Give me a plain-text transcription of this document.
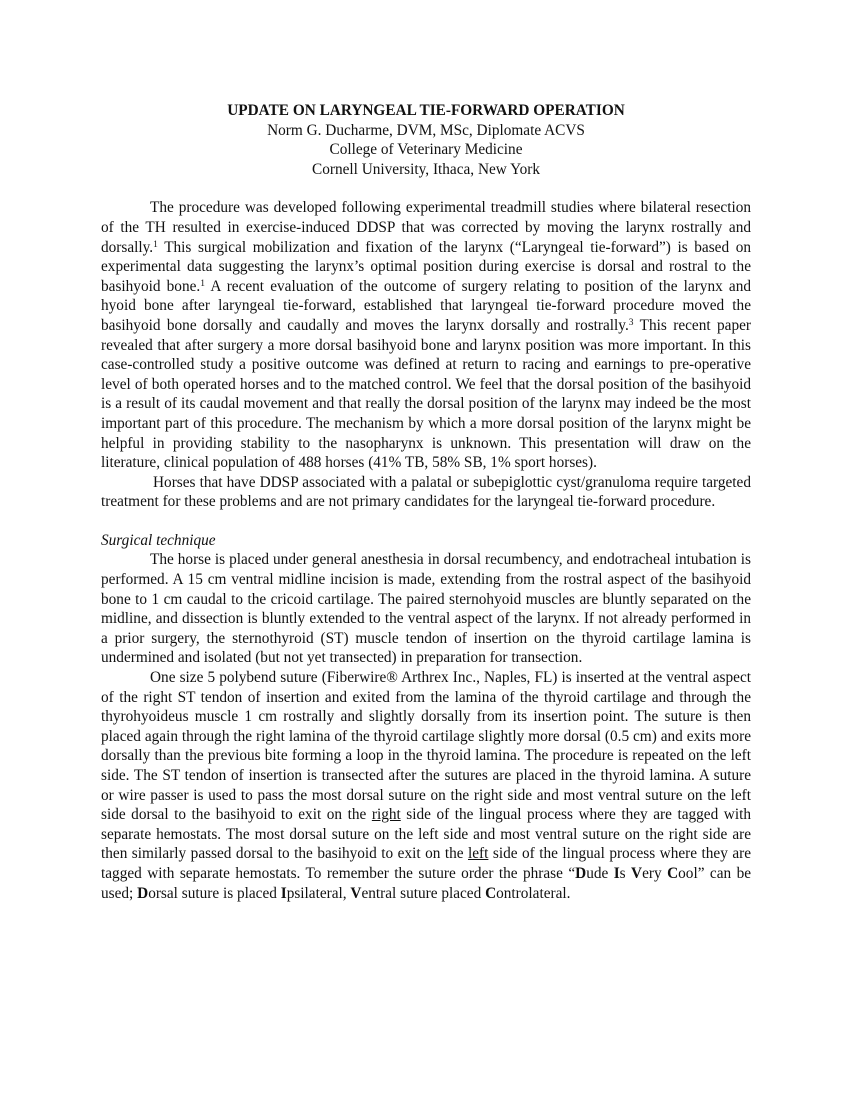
UPDATE ON LARYNGEAL TIE-FORWARD OPERATION
Norm G. Ducharme, DVM, MSc, Diplomate ACVS
College of Veterinary Medicine
Cornell University, Ithaca, New York

The procedure was developed following experimental treadmill studies where bilateral resection of the TH resulted in exercise-induced DDSP that was corrected by moving the larynx rostrally and dorsally.$^1$ This surgical mobilization and fixation of the larynx (“Laryngeal tie-forward”) is based on experimental data suggesting the larynx’s optimal position during exercise is dorsal and rostral to the basihyoid bone.$^1$ A recent evaluation of the outcome of surgery relating to position of the larynx and hyoid bone after laryngeal tie-forward, established that laryngeal tie-forward procedure moved the basihyoid bone dorsally and caudally and moves the larynx dorsally and rostrally.$^3$ This recent paper revealed that after surgery a more dorsal basihyoid bone and larynx position was more important. In this case-controlled study a positive outcome was defined at return to racing and earnings to pre-operative level of both operated horses and to the matched control. We feel that the dorsal position of the basihyoid is a result of its caudal movement and that really the dorsal position of the larynx may indeed be the most important part of this procedure. The mechanism by which a more dorsal position of the larynx might be helpful in providing stability to the nasopharynx is unknown. This presentation will draw on the literature, clinical population of 488 horses (41% TB, 58% SB, 1% sport horses).

Horses that have DDSP associated with a palatal or subepiglottic cyst/granuloma require targeted treatment for these problems and are not primary candidates for the laryngeal tie-forward procedure.

Surgical technique

The horse is placed under general anesthesia in dorsal recumbency, and endotracheal intubation is performed. A 15 cm ventral midline incision is made, extending from the rostral aspect of the basihyoid bone to 1 cm caudal to the cricoid cartilage. The paired sternohyoid muscles are bluntly separated on the midline, and dissection is bluntly extended to the ventral aspect of the larynx. If not already performed in a prior surgery, the sternothyroid (ST) muscle tendon of insertion on the thyroid cartilage lamina is undermined and isolated (but not yet transected) in preparation for transection.

One size 5 polybend suture (Fiberwire® Arthrex Inc., Naples, FL) is inserted at the ventral aspect of the right ST tendon of insertion and exited from the lamina of the thyroid cartilage and through the thyrohyoideus muscle 1 cm rostrally and slightly dorsally from its insertion point. The suture is then placed again through the right lamina of the thyroid cartilage slightly more dorsal (0.5 cm) and exits more dorsally than the previous bite forming a loop in the thyroid lamina. The procedure is repeated on the left side. The ST tendon of insertion is transected after the sutures are placed in the thyroid lamina. A suture or wire passer is used to pass the most dorsal suture on the right side and most ventral suture on the left side dorsal to the basihyoid to exit on the right side of the lingual process where they are tagged with separate hemostats. The most dorsal suture on the left side and most ventral suture on the right side are then similarly passed dorsal to the basihyoid to exit on the left side of the lingual process where they are tagged with separate hemostats. To remember the suture order the phrase “Dude Is Very Cool” can be used; Dorsal suture is placed Ipsilateral, Ventral suture placed Controlateral.
